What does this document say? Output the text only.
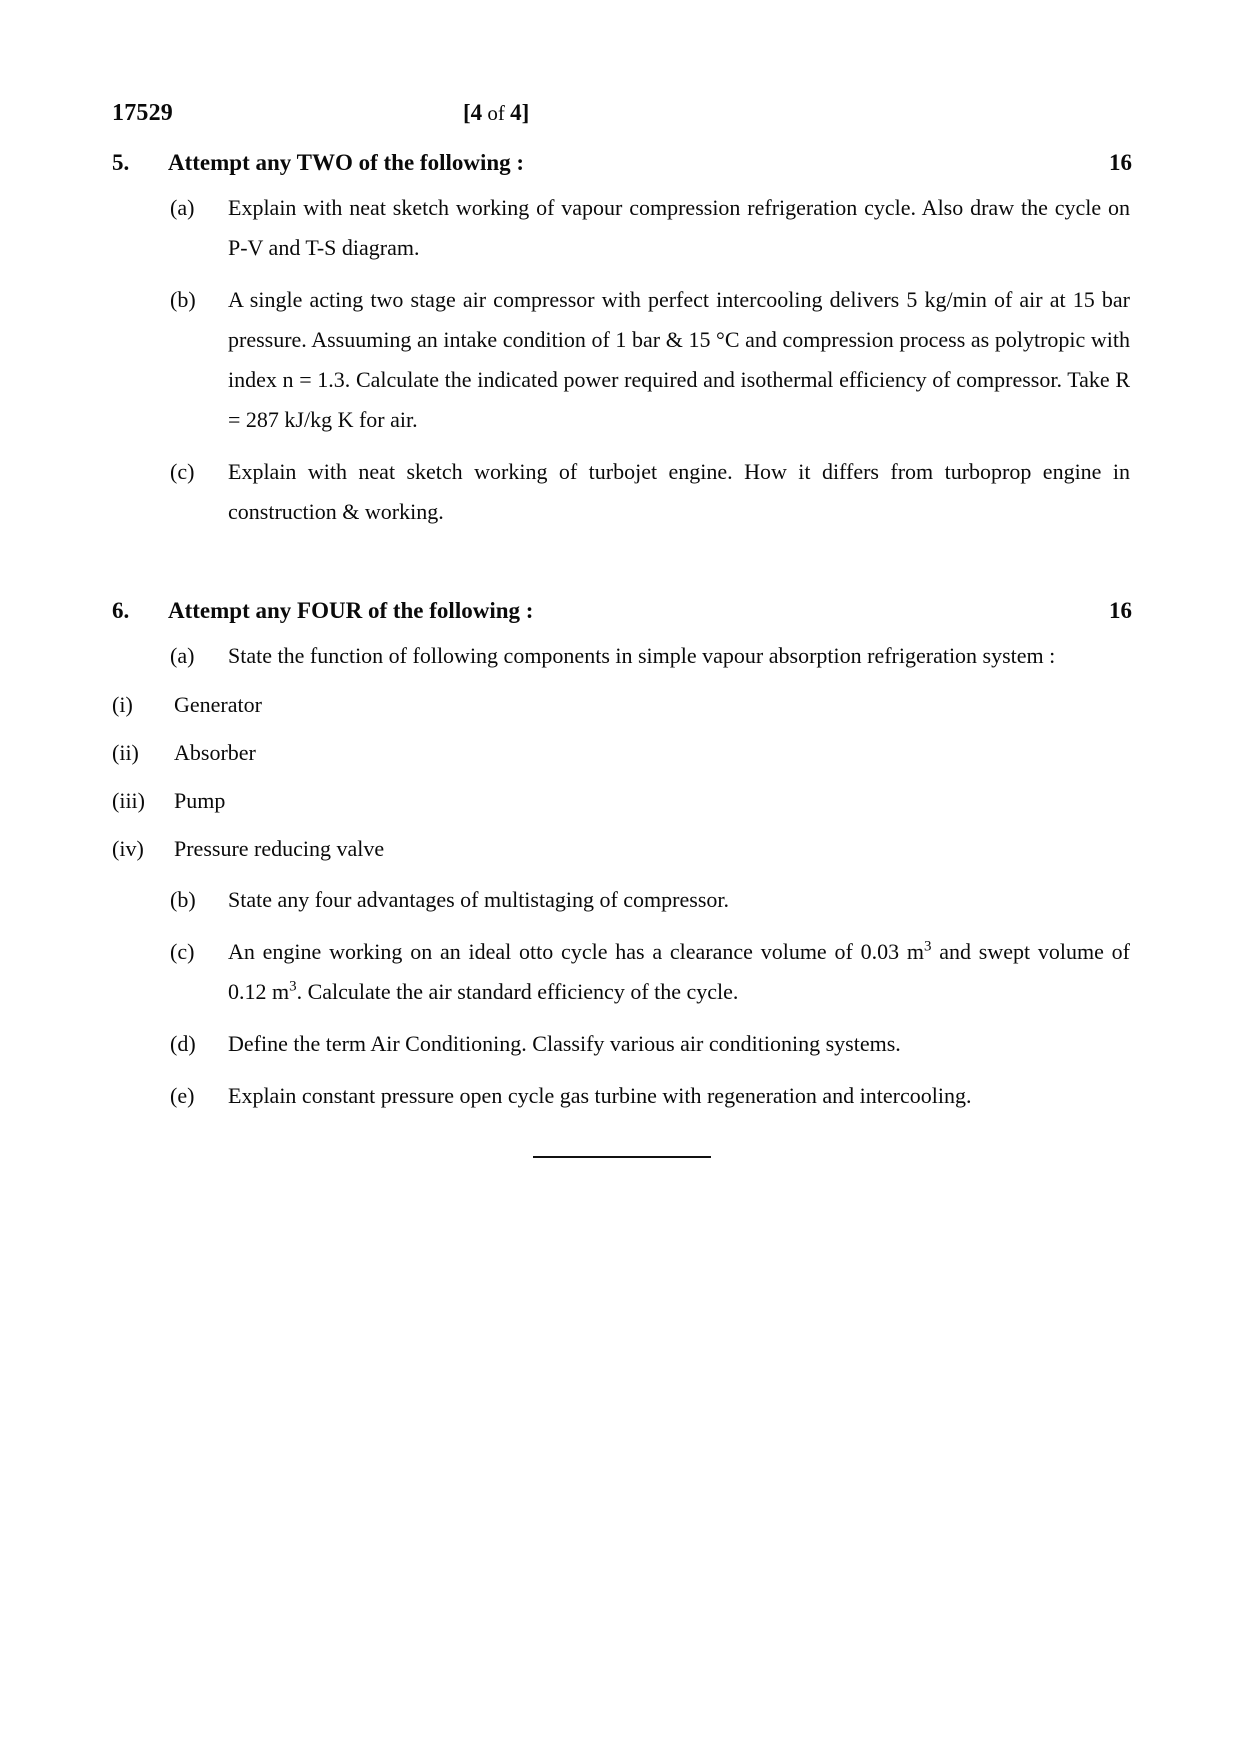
17529	[4 of 4]
5.	Attempt any TWO of the following :	16
(a)	Explain with neat sketch working of vapour compression refrigeration cycle. Also draw the cycle on P-V and T-S diagram.
(b)	A single acting two stage air compressor with perfect intercooling delivers 5 kg/min of air at 15 bar pressure. Assuuming an intake condition of 1 bar & 15 °C and compression process as polytropic with index n = 1.3. Calculate the indicated power required and isothermal efficiency of compressor. Take R = 287 kJ/kg K for air.
(c)	Explain with neat sketch working of turbojet engine. How it differs from turboprop engine in construction & working.
6.	Attempt any FOUR of the following :	16
(a)	State the function of following components in simple vapour absorption refrigeration system :
(i)	Generator
(ii)	Absorber
(iii)	Pump
(iv)	Pressure reducing valve
(b)	State any four advantages of multistaging of compressor.
(c)	An engine working on an ideal otto cycle has a clearance volume of 0.03 $m^3$ and swept volume of 0.12 $m^3$. Calculate the air standard efficiency of the cycle.
(d)	Define the term Air Conditioning. Classify various air conditioning systems.
(e)	Explain constant pressure open cycle gas turbine with regeneration and intercooling.
